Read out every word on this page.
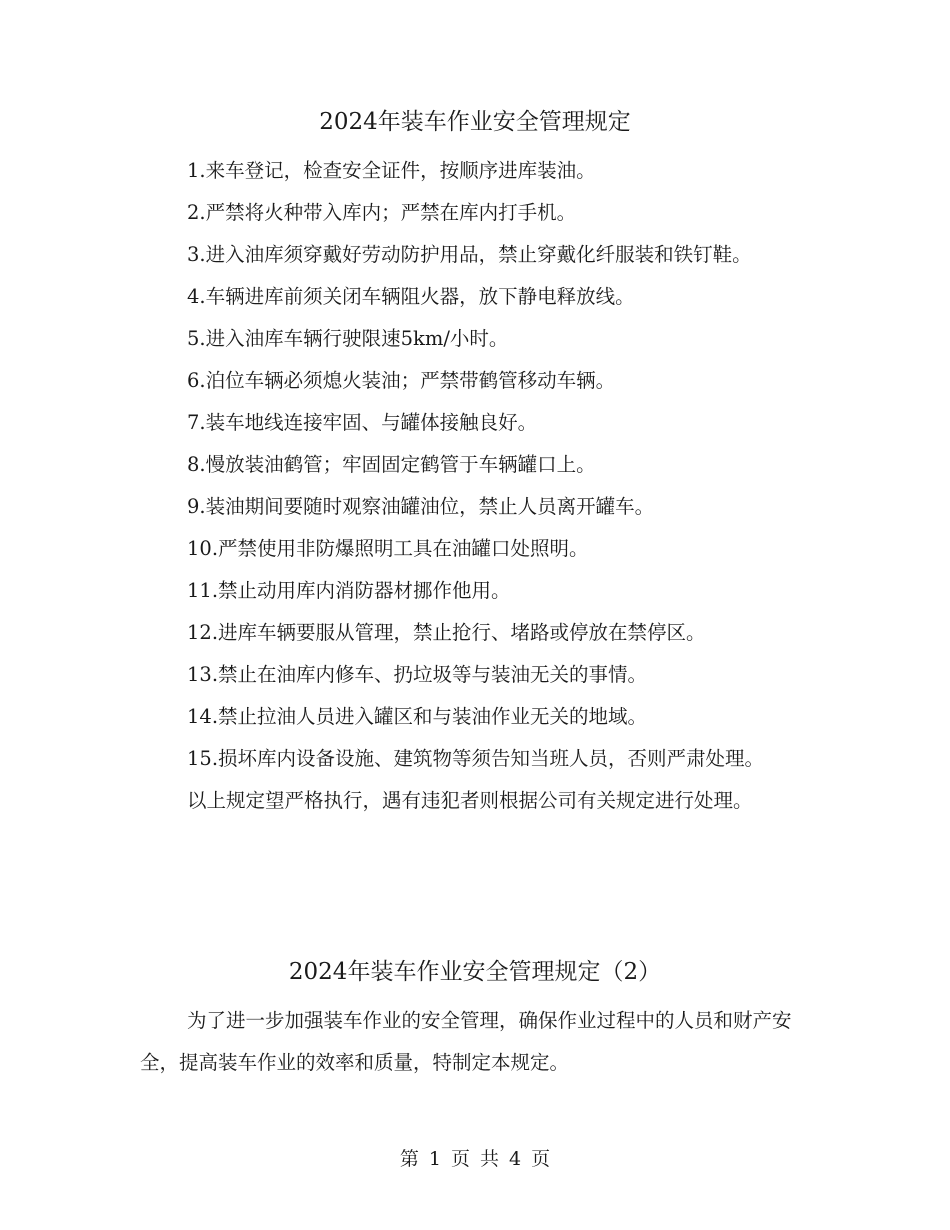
2024年装车作业安全管理规定

1.来车登记，检查安全证件，按顺序进库装油。

2.严禁将火种带入库内；严禁在库内打手机。

3.进入油库须穿戴好劳动防护用品，禁止穿戴化纤服装和铁钉鞋。

4.车辆进库前须关闭车辆阻火器，放下静电释放线。

5.进入油库车辆行驶限速5km/小时。

6.泊位车辆必须熄火装油；严禁带鹤管移动车辆。

7.装车地线连接牢固、与罐体接触良好。

8.慢放装油鹤管；牢固固定鹤管于车辆罐口上。

9.装油期间要随时观察油罐油位，禁止人员离开罐车。

10.严禁使用非防爆照明工具在油罐口处照明。

11.禁止动用库内消防器材挪作他用。

12.进库车辆要服从管理，禁止抢行、堵路或停放在禁停区。

13.禁止在油库内修车、扔垃圾等与装油无关的事情。

14.禁止拉油人员进入罐区和与装油作业无关的地域。

15.损坏库内设备设施、建筑物等须告知当班人员，否则严肃处理。

以上规定望严格执行，遇有违犯者则根据公司有关规定进行处理。

2024年装车作业安全管理规定（2）

为了进一步加强装车作业的安全管理，确保作业过程中的人员和财产安全，提高装车作业的效率和质量，特制定本规定。

第 1 页 共 4 页
